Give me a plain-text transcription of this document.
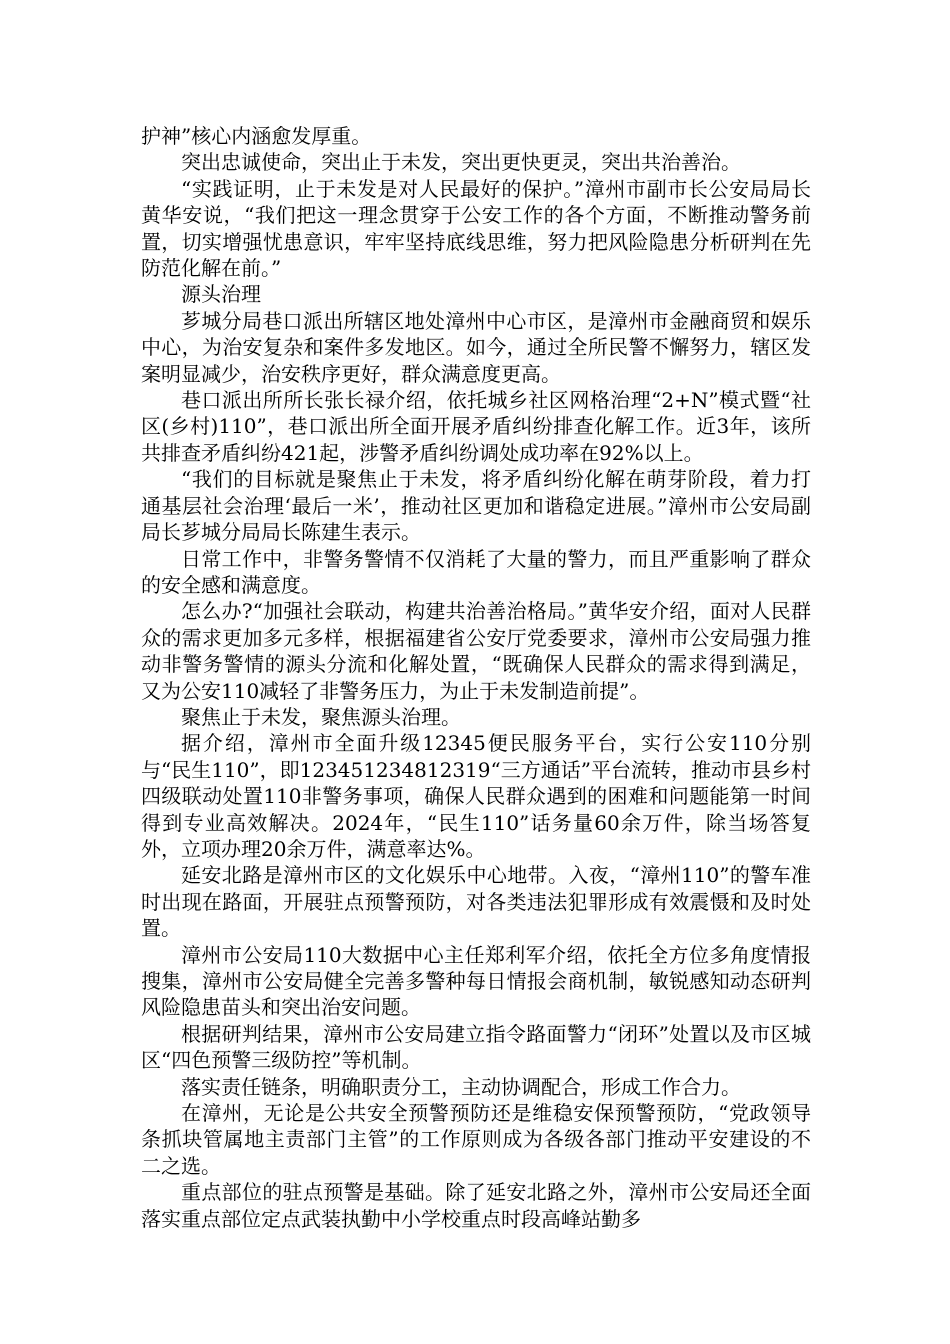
护神”核心内涵愈发厚重。

突出忠诚使命，突出止于未发，突出更快更灵，突出共治善治。

“实践证明，止于未发是对人民最好的保护。”漳州市副市长公安局局长黄华安说，“我们把这一理念贯穿于公安工作的各个方面，不断推动警务前置，切实增强忧患意识，牢牢坚持底线思维，努力把风险隐患分析研判在先防范化解在前。”

源头治理

芗城分局巷口派出所辖区地处漳州中心市区，是漳州市金融商贸和娱乐中心，为治安复杂和案件多发地区。如今，通过全所民警不懈努力，辖区发案明显减少，治安秩序更好，群众满意度更高。

巷口派出所所长张长禄介绍，依托城乡社区网格治理“2+N”模式暨“社区(乡村)110”，巷口派出所全面开展矛盾纠纷排查化解工作。近3年，该所共排查矛盾纠纷421起，涉警矛盾纠纷调处成功率在92%以上。

“我们的目标就是聚焦止于未发，将矛盾纠纷化解在萌芽阶段，着力打通基层社会治理‘最后一米’，推动社区更加和谐稳定进展。”漳州市公安局副局长芗城分局局长陈建生表示。

日常工作中，非警务警情不仅消耗了大量的警力，而且严重影响了群众的安全感和满意度。

怎么办?“加强社会联动，构建共治善治格局。”黄华安介绍，面对人民群众的需求更加多元多样，根据福建省公安厅党委要求，漳州市公安局强力推动非警务警情的源头分流和化解处置，“既确保人民群众的需求得到满足，又为公安110减轻了非警务压力，为止于未发制造前提”。

聚焦止于未发，聚焦源头治理。

据介绍，漳州市全面升级12345便民服务平台，实行公安110分别与“民生110”，即123451234812319“三方通话”平台流转，推动市县乡村四级联动处置110非警务事项，确保人民群众遇到的困难和问题能第一时间得到专业高效解决。2024年，“民生110”话务量60余万件，除当场答复外，立项办理20余万件，满意率达%。

延安北路是漳州市区的文化娱乐中心地带。入夜，“漳州110”的警车准时出现在路面，开展驻点预警预防，对各类违法犯罪形成有效震慑和及时处置。

漳州市公安局110大数据中心主任郑利军介绍，依托全方位多角度情报搜集，漳州市公安局健全完善多警种每日情报会商机制，敏锐感知动态研判风险隐患苗头和突出治安问题。

根据研判结果，漳州市公安局建立指令路面警力“闭环”处置以及市区城区“四色预警三级防控”等机制。

落实责任链条，明确职责分工，主动协调配合，形成工作合力。

在漳州，无论是公共安全预警预防还是维稳安保预警预防，“党政领导条抓块管属地主责部门主管”的工作原则成为各级各部门推动平安建设的不二之选。

重点部位的驻点预警是基础。除了延安北路之外，漳州市公安局还全面落实重点部位定点武装执勤中小学校重点时段高峰站勤多
